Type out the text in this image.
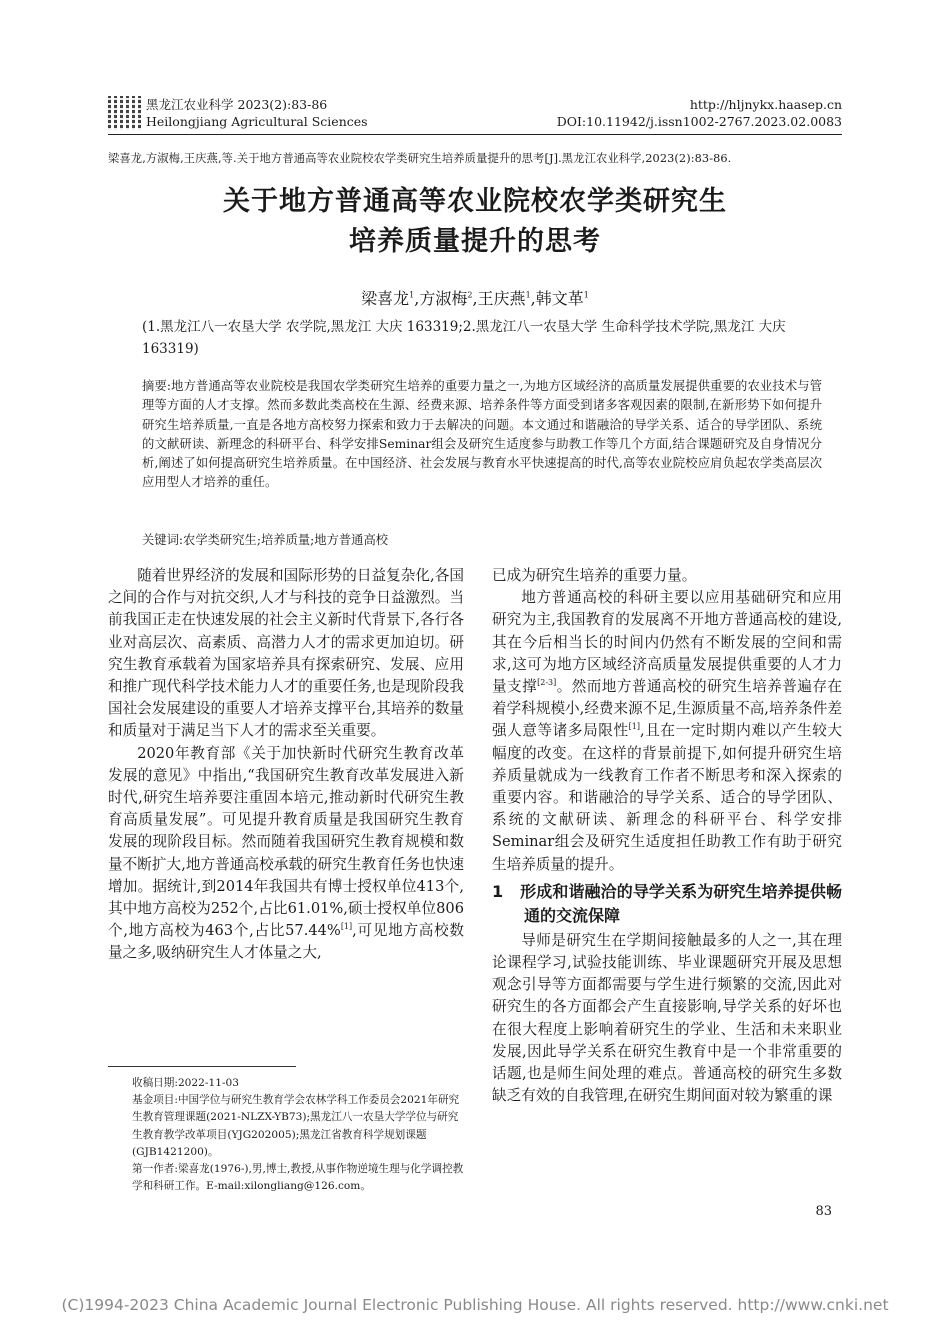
黑龙江农业科学 2023(2):83-86
Heilongjiang Agricultural Sciences
http://hljnykx.haasep.cn
DOI:10.11942/j.issn1002-2767.2023.02.0083
梁喜龙,方淑梅,王庆燕,等.关于地方普通高等农业院校农学类研究生培养质量提升的思考[J].黑龙江农业科学,2023(2):83-86.
关于地方普通高等农业院校农学类研究生
培养质量提升的思考
梁喜龙$^1$,方淑梅$^2$,王庆燕$^1$,韩文革$^1$
(1.黑龙江八一农垦大学 农学院,黑龙江 大庆 163319;2.黑龙江八一农垦大学 生命科学技术学院,黑龙江 大庆 163319)
摘要:地方普通高等农业院校是我国农学类研究生培养的重要力量之一,为地方区域经济的高质量发展提供重要的农业技术与管理等方面的人才支撑。然而多数此类高校在生源、经费来源、培养条件等方面受到诸多客观因素的限制,在新形势下如何提升研究生培养质量,一直是各地方高校努力探索和致力于去解决的问题。本文通过和谐融洽的导学关系、适合的导学团队、系统的文献研读、新理念的科研平台、科学安排Seminar组会及研究生适度参与助教工作等几个方面,结合课题研究及自身情况分析,阐述了如何提高研究生培养质量。在中国经济、社会发展与教育水平快速提高的时代,高等农业院校应肩负起农学类高层次应用型人才培养的重任。
关键词:农学类研究生;培养质量;地方普通高校

随着世界经济的发展和国际形势的日益复杂化,各国之间的合作与对抗交织,人才与科技的竞争日益激烈。当前我国正走在快速发展的社会主义新时代背景下,各行各业对高层次、高素质、高潜力人才的需求更加迫切。研究生教育承载着为国家培养具有探索研究、发展、应用和推广现代科学技术能力人才的重要任务,也是现阶段我国社会发展建设的重要人才培养支撑平台,其培养的数量和质量对于满足当下人才的需求至关重要。

2020年教育部《关于加快新时代研究生教育改革发展的意见》中指出,“我国研究生教育改革发展进入新时代,研究生培养要注重固本培元,推动新时代研究生教育高质量发展”。可见提升教育质量是我国研究生教育发展的现阶段目标。然而随着我国研究生教育规模和数量不断扩大,地方普通高校承载的研究生教育任务也快速增加。据统计,到2014年我国共有博士授权单位413个,其中地方高校为252个,占比61.01%,硕士授权单位806个,地方高校为463个,占比57.44%[1],可见地方高校数量之多,吸纳研究生人才体量之大,

已成为研究生培养的重要力量。

地方普通高校的科研主要以应用基础研究和应用研究为主,我国教育的发展离不开地方普通高校的建设,其在今后相当长的时间内仍然有不断发展的空间和需求,这可为地方区域经济高质量发展提供重要的人才力量支撑[2-3]。然而地方普通高校的研究生培养普遍存在着学科规模小,经费来源不足,生源质量不高,培养条件差强人意等诸多局限性[1],且在一定时期内难以产生较大幅度的改变。在这样的背景前提下,如何提升研究生培养质量就成为一线教育工作者不断思考和深入探索的重要内容。和谐融洽的导学关系、适合的导学团队、系统的文献研读、新理念的科研平台、科学安排Seminar组会及研究生适度担任助教工作有助于研究生培养质量的提升。

1 形成和谐融洽的导学关系为研究生培养提供畅通的交流保障

导师是研究生在学期间接触最多的人之一,其在理论课程学习,试验技能训练、毕业课题研究开展及思想观念引导等方面都需要与学生进行频繁的交流,因此对研究生的各方面都会产生直接影响,导学关系的好坏也在很大程度上影响着研究生的学业、生活和未来职业发展,因此导学关系在研究生教育中是一个非常重要的话题,也是师生间处理的难点。普通高校的研究生多数缺乏有效的自我管理,在研究生期间面对较为繁重的课

收稿日期:2022-11-03
基金项目:中国学位与研究生教育学会农林学科工作委员会2021年研究生教育管理课题(2021-NLZX-YB73);黑龙江八一农垦大学学位与研究生教育教学改革项目(YJG202005);黑龙江省教育科学规划课题(GJB1421200)。
第一作者:梁喜龙(1976-),男,博士,教授,从事作物逆境生理与化学调控教学和科研工作。E-mail:xilongliang@126.com。
83
(C)1994-2023 China Academic Journal Electronic Publishing House. All rights reserved. http://www.cnki.net
